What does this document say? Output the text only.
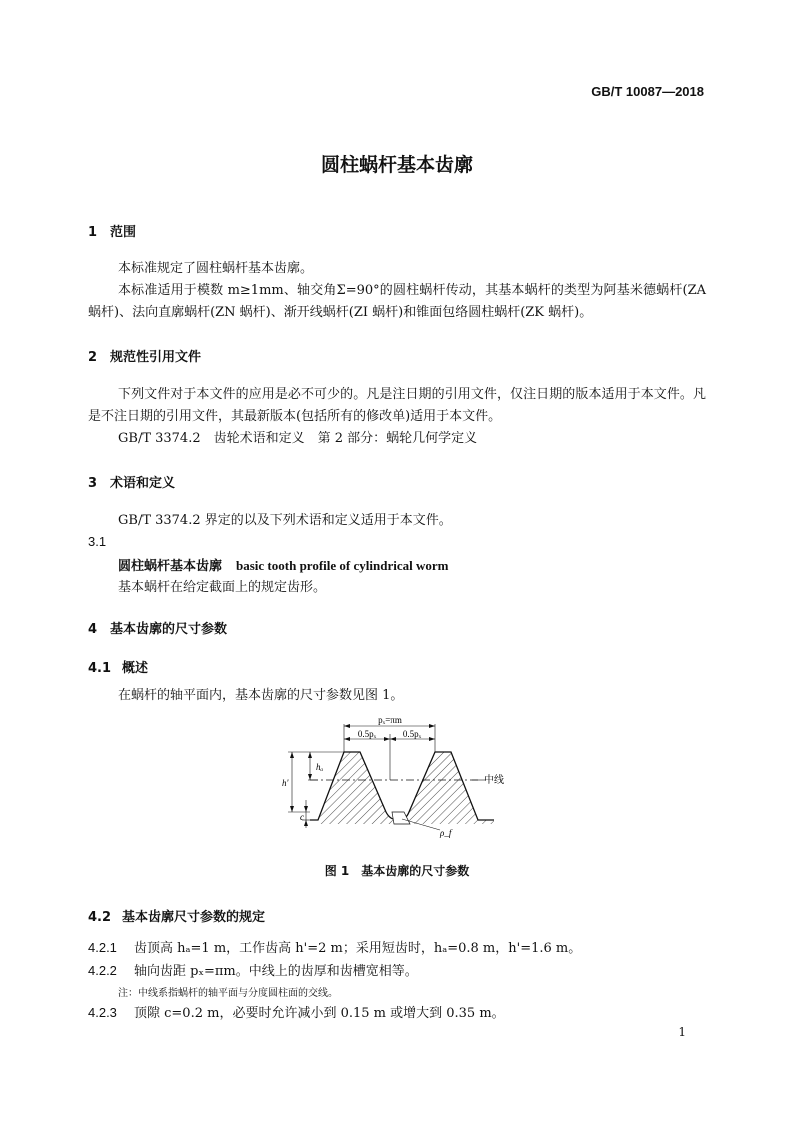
GB/T 10087—2018
圆柱蜗杆基本齿廓
1 范围
本标准规定了圆柱蜗杆基本齿廓。
本标准适用于模数 m≥1mm、轴交角Σ=90°的圆柱蜗杆传动，其基本蜗杆的类型为阿基米德蜗杆(ZA 蜗杆)、法向直廓蜗杆(ZN 蜗杆)、渐开线蜗杆(ZI 蜗杆)和锥面包络圆柱蜗杆(ZK 蜗杆)。
2 规范性引用文件
下列文件对于本文件的应用是必不可少的。凡是注日期的引用文件，仅注日期的版本适用于本文件。凡是不注日期的引用文件，其最新版本(包括所有的修改单)适用于本文件。
GB/T 3374.2　齿轮术语和定义　第 2 部分：蜗轮几何学定义
3 术语和定义
GB/T 3374.2 界定的以及下列术语和定义适用于本文件。
3.1
圆柱蜗杆基本齿廓 basic tooth profile of cylindrical worm
基本蜗杆在给定截面上的规定齿形。
4 基本齿廓的尺寸参数
4.1 概述
在蜗杆的轴平面内，基本齿廓的尺寸参数见图 1。
pₓ=πm
0.5pₓ	0.5pₓ
hₐ
h'
c
ρ_f
中线
图 1　基本齿廓的尺寸参数
4.2 基本齿廓尺寸参数的规定
4.2.1 齿顶高 hₐ=1 m，工作齿高 h'=2 m；采用短齿时，hₐ=0.8 m，h'=1.6 m。
4.2.2 轴向齿距 pₓ=πm。中线上的齿厚和齿槽宽相等。
注：中线系指蜗杆的轴平面与分度圆柱面的交线。
4.2.3 顶隙 c=0.2 m，必要时允许减小到 0.15 m 或增大到 0.35 m。
1
